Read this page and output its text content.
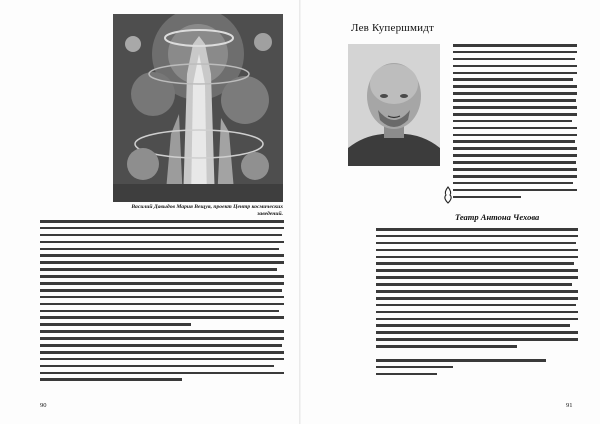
Василий Давыдов Мария Вещуя, проект Центр космических заведений.

90

Лев Купершмидт
Театр Антона Чехова

91
